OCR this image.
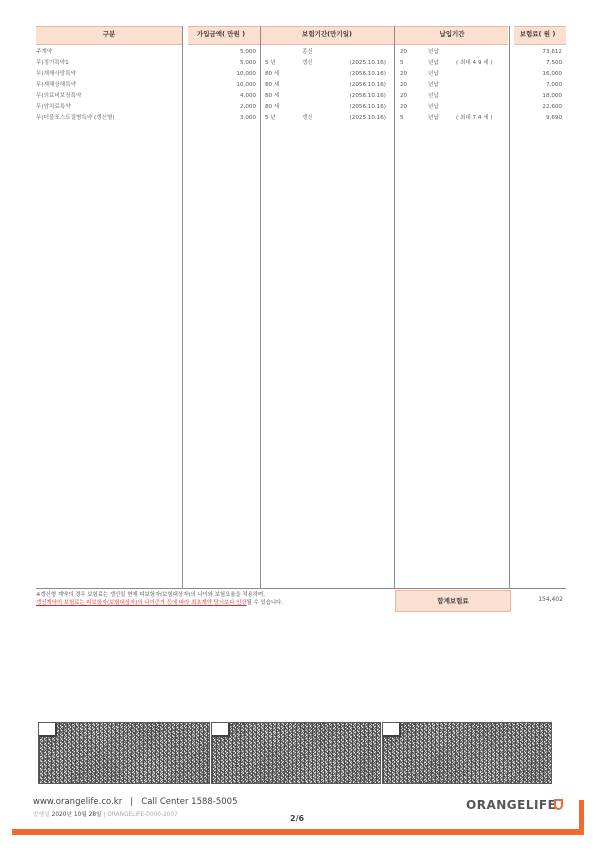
구분	가입금액( 만원 )	보험기간(만기일)	납입기간	보험료( 원 )
주계약	5,000	종신	20	년납	73,612
무)정기특약1	5,000 5 년	갱신	(2025.10.16)	5	년납	( 최대 4 9 세 )	7,500
무)재해사망특약	10,000 80 세	(2056.10.16)	20	년납	16,000
무)재해상해특약	10,000 80 세	(2056.10.16)	20	년납	7,000
무)의료비보장특약	4,000 80 세	(2056.10.16)	20	년납	18,000
무)암치료특약	2,000 80 세	(2056.10.16)	20	년납	22,600
무)더블포스트질병특약 (갱신형)	3,000 5 년	갱신	(2025.10.16)	5	년납	( 최대 7 4 세 )	9,690
※갱신형 계약의 경우 보험료는 갱신일 현재 피보험자(보험대상자)의 나이와 보험요율을 적용하며,
갱신계약의 보험료는 피보험자(보험대상자)의 나이증가 등에 따라 최초계약 당시보다 인상될 수 있습니다.	합계보험료	154,402
www.orangelife.co.kr | Call Center 1588-5005
발행일 2020년 10월 28일 | ORANGELIFE-0000-2007	2/6
ORANGELIFE
